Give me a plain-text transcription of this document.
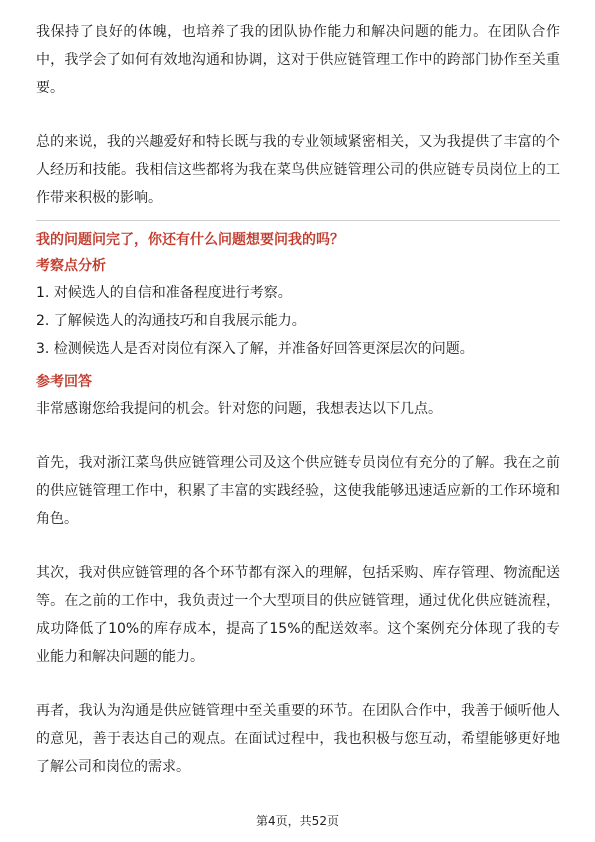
我保持了良好的体魄，也培养了我的团队协作能力和解决问题的能力。在团队合作中，我学会了如何有效地沟通和协调，这对于供应链管理工作中的跨部门协作至关重要。

总的来说，我的兴趣爱好和特长既与我的专业领域紧密相关，又为我提供了丰富的个人经历和技能。我相信这些都将为我在菜鸟供应链管理公司的供应链专员岗位上的工作带来积极的影响。

我的问题问完了，你还有什么问题想要问我的吗？

考察点分析

1. 对候选人的自信和准备程度进行考察。

2. 了解候选人的沟通技巧和自我展示能力。

3. 检测候选人是否对岗位有深入了解，并准备好回答更深层次的问题。

参考回答

非常感谢您给我提问的机会。针对您的问题，我想表达以下几点。

首先，我对浙江菜鸟供应链管理公司及这个供应链专员岗位有充分的了解。我在之前的供应链管理工作中，积累了丰富的实践经验，这使我能够迅速适应新的工作环境和角色。

其次，我对供应链管理的各个环节都有深入的理解，包括采购、库存管理、物流配送等。在之前的工作中，我负责过一个大型项目的供应链管理，通过优化供应链流程，成功降低了10%的库存成本，提高了15%的配送效率。这个案例充分体现了我的专业能力和解决问题的能力。

再者，我认为沟通是供应链管理中至关重要的环节。在团队合作中，我善于倾听他人的意见，善于表达自己的观点。在面试过程中，我也积极与您互动，希望能够更好地了解公司和岗位的需求。

第4页，共52页
